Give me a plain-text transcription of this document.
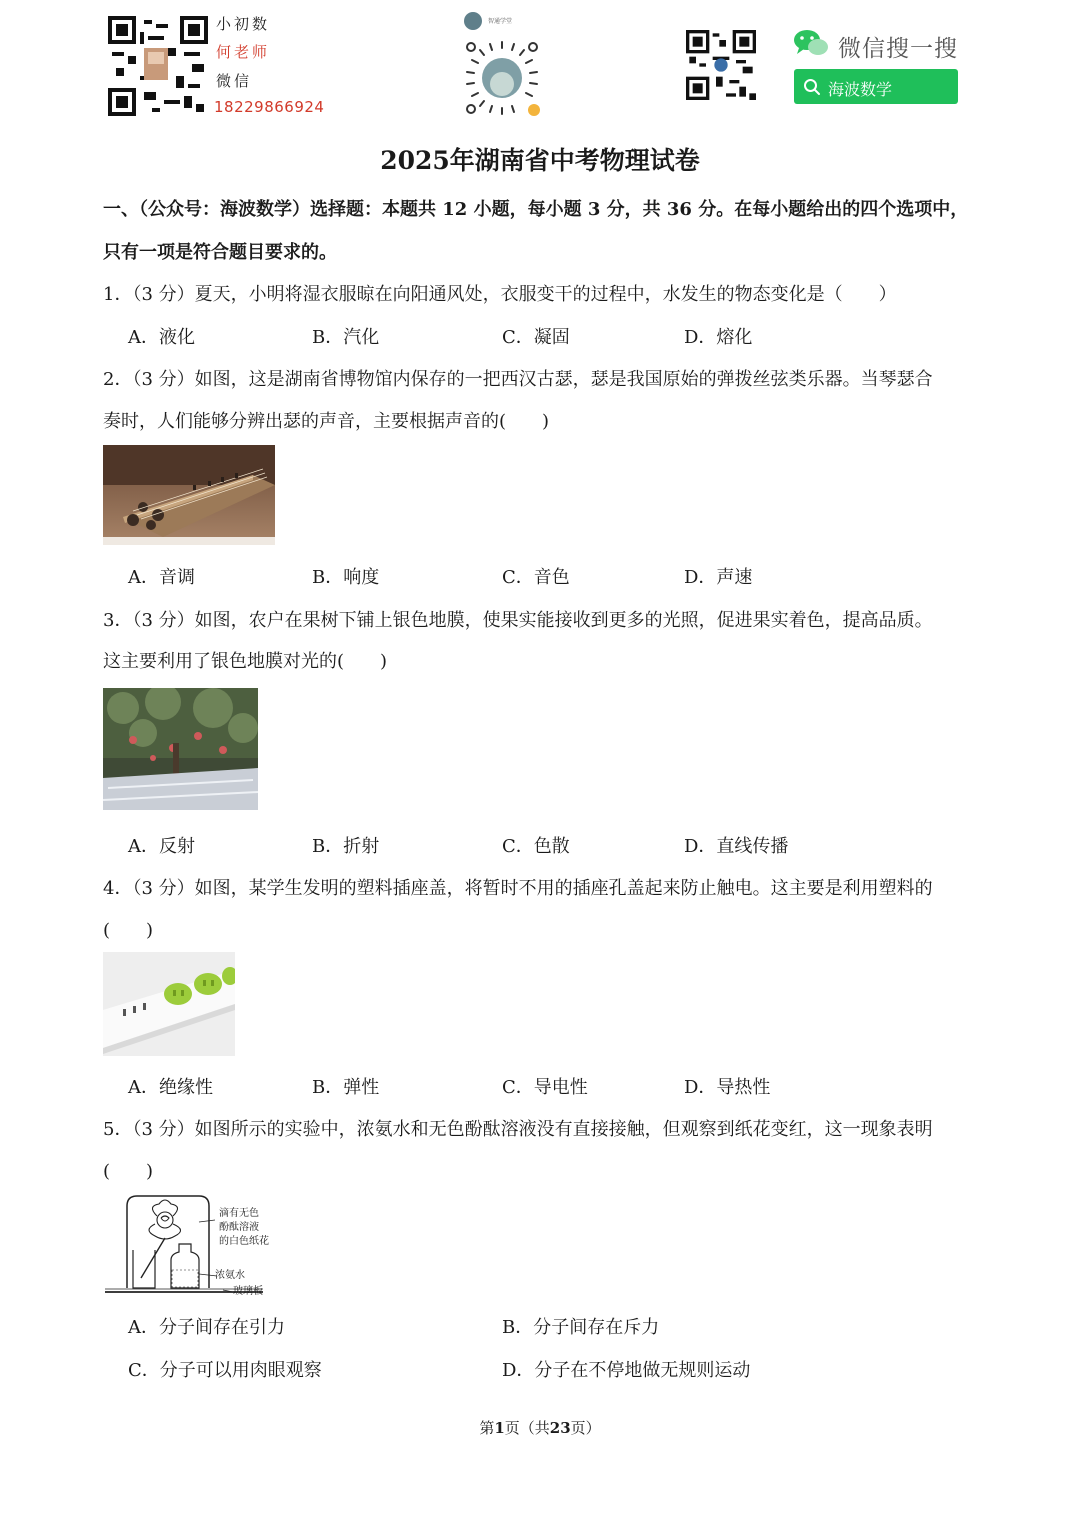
小初数
何老师
微信
18229866924
智通学堂
微信搜一搜
海波数学
2025年湖南省中考物理试卷
一、（公众号：海波数学）选择题：本题共 12 小题，每小题 3 分，共 36 分。在每小题给出的四个选项中，
只有一项是符合题目要求的。
1．（3 分）夏天，小明将湿衣服晾在向阳通风处，衣服变干的过程中，水发生的物态变化是（　　）
A．液化	B．汽化	C．凝固	D．熔化
2．（3 分）如图，这是湖南省博物馆内保存的一把西汉古瑟，瑟是我国原始的弹拨丝弦类乐器。当琴瑟合
奏时，人们能够分辨出瑟的声音，主要根据声音的(　　)
A．音调	B．响度	C．音色	D．声速
3．（3 分）如图，农户在果树下铺上银色地膜，使果实能接收到更多的光照，促进果实着色，提高品质。
这主要利用了银色地膜对光的(　　)
A．反射	B．折射	C．色散	D．直线传播
4．（3 分）如图，某学生发明的塑料插座盖，将暂时不用的插座孔盖起来防止触电。这主要是利用塑料的
(　　)
A．绝缘性	B．弹性	C．导电性	D．导热性
5．（3 分）如图所示的实验中，浓氨水和无色酚酞溶液没有直接接触，但观察到纸花变红，这一现象表明
(　　)
滴有无色
酚酞溶液
的白色纸花
浓氨水
玻璃板
A．分子间存在引力	B．分子间存在斥力
C．分子可以用肉眼观察	D．分子在不停地做无规则运动
第1页（共23页）
